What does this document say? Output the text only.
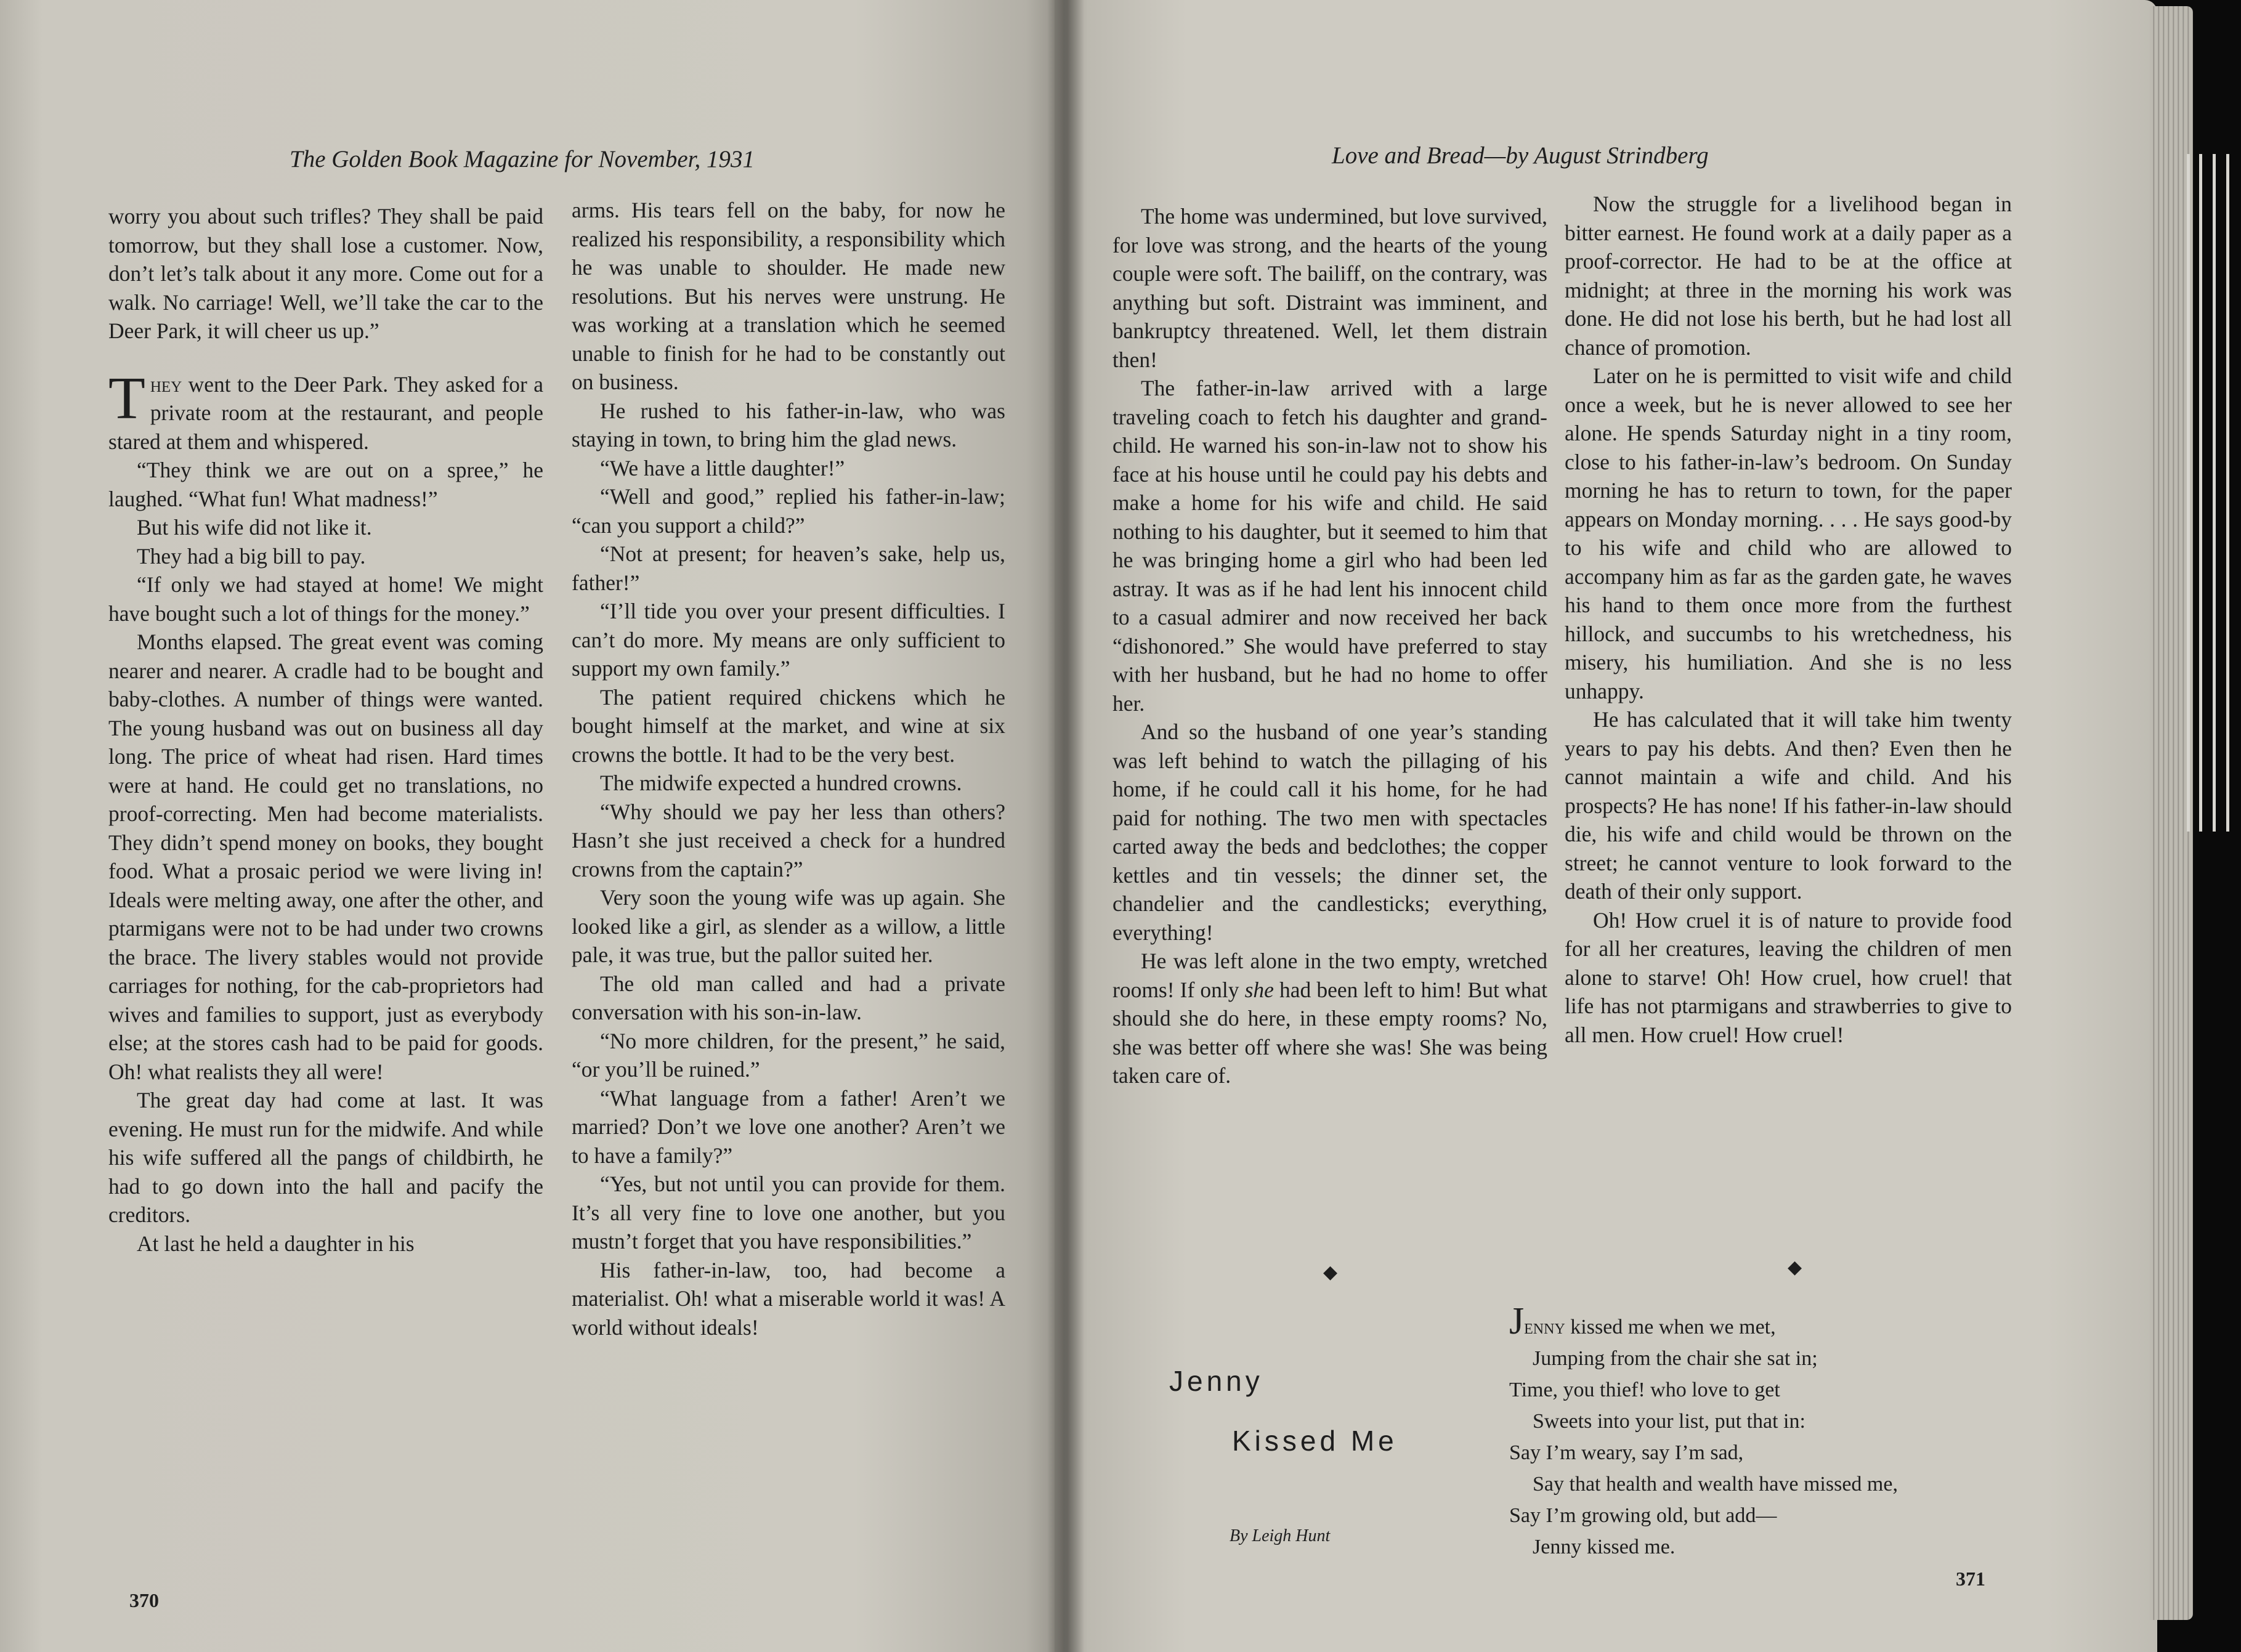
The Golden Book Magazine for November, 1931

worry you about such trifles? They shall be paid tomorrow, but they shall lose a customer. Now, don’t let’s talk about it any more. Come out for a walk. No carriage! Well, we’ll take the car to the Deer Park, it will cheer us up.”

They went to the Deer Park. They asked for a private room at the restaurant, and people stared at them and whispered.

“They think we are out on a spree,” he laughed. “What fun! What madness!”

But his wife did not like it.

They had a big bill to pay.

“If only we had stayed at home! We might have bought such a lot of things for the money.”

Months elapsed. The great event was coming nearer and nearer. A cradle had to be bought and baby-clothes. A number of things were wanted. The young husband was out on business all day long. The price of wheat had risen. Hard times were at hand. He could get no translations, no proof-correcting. Men had become materialists. They didn’t spend money on books, they bought food. What a prosaic period we were living in! Ideals were melting away, one after the other, and ptarmigans were not to be had under two crowns the brace. The livery stables would not provide carriages for nothing, for the cab-proprietors had wives and families to support, just as everybody else; at the stores cash had to be paid for goods. Oh! what realists they all were!

The great day had come at last. It was evening. He must run for the midwife. And while his wife suffered all the pangs of childbirth, he had to go down into the hall and pacify the creditors.

At last he held a daughter in his

arms. His tears fell on the baby, for now he realized his responsibility, a responsibility which he was unable to shoulder. He made new resolutions. But his nerves were unstrung. He was working at a translation which he seemed unable to finish for he had to be constantly out on business.

He rushed to his father-in-law, who was staying in town, to bring him the glad news.

“We have a little daughter!”

“Well and good,” replied his father-in-law; “can you support a child?”

“Not at present; for heaven’s sake, help us, father!”

“I’ll tide you over your present difficulties. I can’t do more. My means are only sufficient to support my own family.”

The patient required chickens which he bought himself at the market, and wine at six crowns the bottle. It had to be the very best.

The midwife expected a hundred crowns.

“Why should we pay her less than others? Hasn’t she just received a check for a hundred crowns from the captain?”

Very soon the young wife was up again. She looked like a girl, as slender as a willow, a little pale, it was true, but the pallor suited her.

The old man called and had a private conversation with his son-in-law.

“No more children, for the present,” he said, “or you’ll be ruined.”

“What language from a father! Aren’t we married? Don’t we love one another? Aren’t we to have a family?”

“Yes, but not until you can provide for them. It’s all very fine to love one another, but you mustn’t forget that you have responsibilities.”

His father-in-law, too, had become a materialist. Oh! what a miserable world it was! A world without ideals!

370
Love and Bread—by August Strindberg

The home was undermined, but love survived, for love was strong, and the hearts of the young couple were soft. The bailiff, on the contrary, was anything but soft. Distraint was imminent, and bankruptcy threatened. Well, let them distrain then!

The father-in-law arrived with a large traveling coach to fetch his daughter and grand-child. He warned his son-in-law not to show his face at his house until he could pay his debts and make a home for his wife and child. He said nothing to his daughter, but it seemed to him that he was bringing home a girl who had been led astray. It was as if he had lent his innocent child to a casual admirer and now received her back “dishonored.” She would have preferred to stay with her husband, but he had no home to offer her.

And so the husband of one year’s standing was left behind to watch the pillaging of his home, if he could call it his home, for he had paid for nothing. The two men with spectacles carted away the beds and bedclothes; the copper kettles and tin vessels; the dinner set, the chandelier and the candlesticks; everything, everything!

He was left alone in the two empty, wretched rooms! If only she had been left to him! But what should she do here, in these empty rooms? No, she was better off where she was! She was being taken care of.

Now the struggle for a livelihood began in bitter earnest. He found work at a daily paper as a proof-corrector. He had to be at the office at midnight; at three in the morning his work was done. He did not lose his berth, but he had lost all chance of promotion.

Later on he is permitted to visit wife and child once a week, but he is never allowed to see her alone. He spends Saturday night in a tiny room, close to his father-in-law’s bedroom. On Sunday morning he has to return to town, for the paper appears on Monday morning. . . . He says good-by to his wife and child who are allowed to accompany him as far as the garden gate, he waves his hand to them once more from the furthest hillock, and succumbs to his wretchedness, his misery, his humiliation. And she is no less unhappy.

He has calculated that it will take him twenty years to pay his debts. And then? Even then he cannot maintain a wife and child. And his prospects? He has none! If his father-in-law should die, his wife and child would be thrown on the street; he cannot venture to look forward to the death of their only support.

Oh! How cruel it is of nature to provide food for all her creatures, leaving the children of men alone to starve! Oh! How cruel, how cruel! that life has not ptarmigans and strawberries to give to all men. How cruel! How cruel!

◆	◆
Jenny
Kissed Me
By Leigh Hunt
Jenny kissed me when we met,
Jumping from the chair she sat in;
Time, you thief! who love to get
Sweets into your list, put that in:
Say I’m weary, say I’m sad,
Say that health and wealth have missed me,
Say I’m growing old, but add—
Jenny kissed me.
371
